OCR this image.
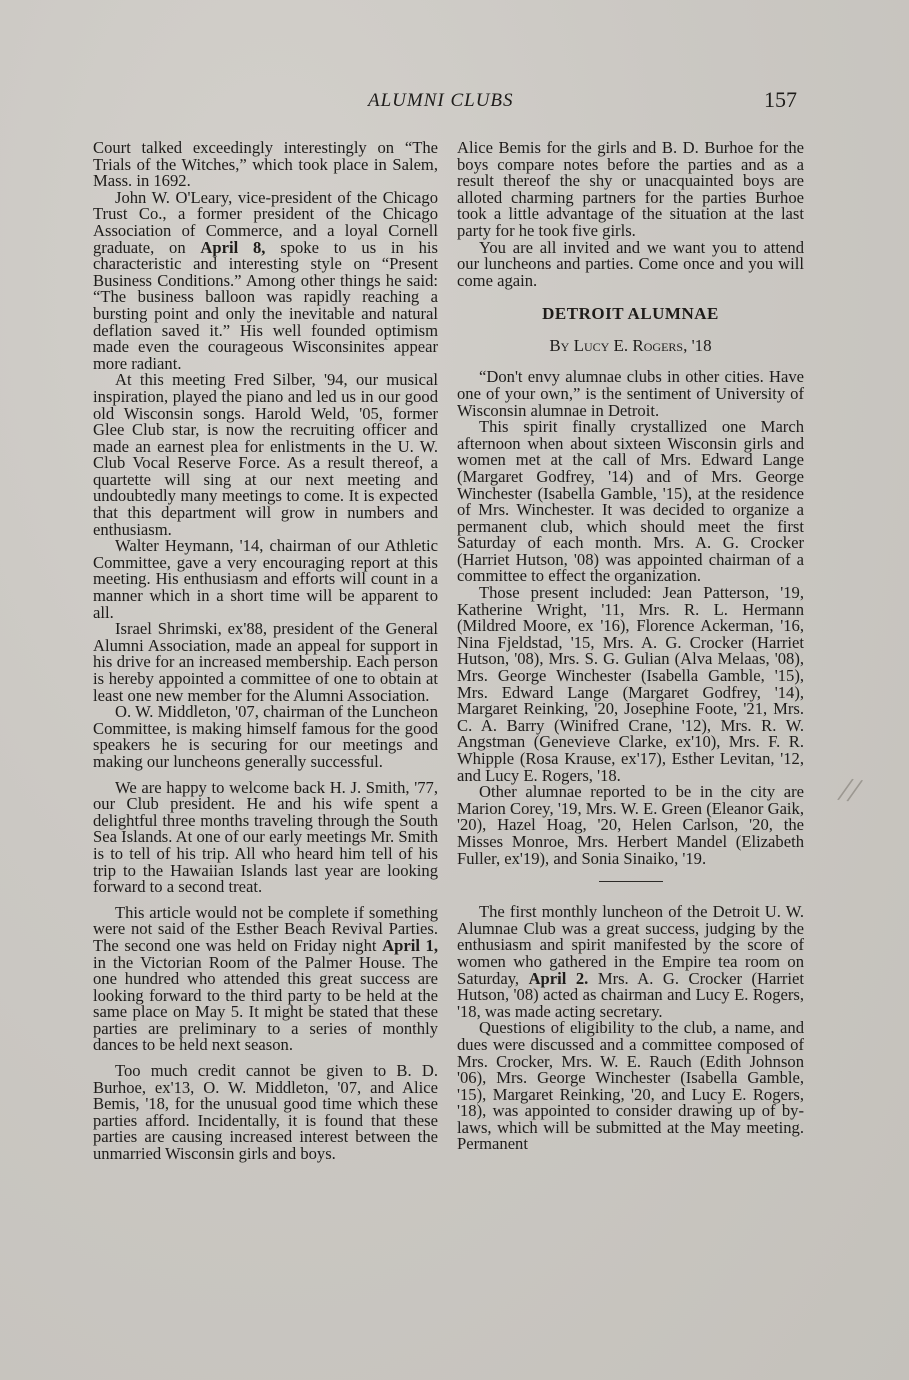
ALUMNI CLUBS	157

Court talked exceedingly interestingly on “The Trials of the Witches,” which took place in Salem, Mass. in 1692.

John W. O'Leary, vice-president of the Chicago Trust Co., a former president of the Chicago Association of Commerce, and a loyal Cornell graduate, on April 8, spoke to us in his characteristic and interesting style on “Present Business Conditions.” Among other things he said: “The business balloon was rapidly reaching a bursting point and only the inevitable and natural deflation saved it.” His well founded optimism made even the courageous Wisconsinites appear more radiant.

At this meeting Fred Silber, '94, our musical inspiration, played the piano and led us in our good old Wisconsin songs. Harold Weld, '05, former Glee Club star, is now the recruiting officer and made an earnest plea for enlistments in the U. W. Club Vocal Reserve Force. As a result thereof, a quartette will sing at our next meeting and undoubtedly many meetings to come. It is expected that this department will grow in numbers and enthusiasm.

Walter Heymann, '14, chairman of our Athletic Committee, gave a very encouraging report at this meeting. His enthusiasm and efforts will count in a manner which in a short time will be apparent to all.

Israel Shrimski, ex'88, president of the General Alumni Association, made an appeal for support in his drive for an increased membership. Each person is hereby appointed a committee of one to obtain at least one new member for the Alumni Association.

O. W. Middleton, '07, chairman of the Luncheon Committee, is making himself famous for the good speakers he is securing for our meetings and making our luncheons generally successful.

We are happy to welcome back H. J. Smith, '77, our Club president. He and his wife spent a delightful three months traveling through the South Sea Islands. At one of our early meetings Mr. Smith is to tell of his trip. All who heard him tell of his trip to the Hawaiian Islands last year are looking forward to a second treat.

This article would not be complete if something were not said of the Esther Beach Revival Parties. The second one was held on Friday night April 1, in the Victorian Room of the Palmer House. The one hundred who attended this great success are looking forward to the third party to be held at the same place on May 5. It might be stated that these parties are preliminary to a series of monthly dances to be held next season.

Too much credit cannot be given to B. D. Burhoe, ex'13, O. W. Middleton, '07, and Alice Bemis, '18, for the unusual good time which these parties afford. Incidentally, it is found that these parties are causing increased interest between the unmarried Wisconsin girls and boys.

Alice Bemis for the girls and B. D. Burhoe for the boys compare notes before the parties and as a result thereof the shy or unacquainted boys are alloted charming partners for the parties Burhoe took a little advantage of the situation at the last party for he took five girls.

You are all invited and we want you to attend our luncheons and parties. Come once and you will come again.

DETROIT ALUMNAE
By Lucy E. Rogers, '18

“Don't envy alumnae clubs in other cities. Have one of your own,” is the sentiment of University of Wisconsin alumnae in Detroit.

This spirit finally crystallized one March afternoon when about sixteen Wisconsin girls and women met at the call of Mrs. Edward Lange (Margaret Godfrey, '14) and of Mrs. George Winchester (Isabella Gamble, '15), at the residence of Mrs. Winchester. It was decided to organize a permanent club, which should meet the first Saturday of each month. Mrs. A. G. Crocker (Harriet Hutson, '08) was appointed chairman of a committee to effect the organization.

Those present included: Jean Patterson, '19, Katherine Wright, '11, Mrs. R. L. Hermann (Mildred Moore, ex '16), Florence Ackerman, '16, Nina Fjeldstad, '15, Mrs. A. G. Crocker (Harriet Hutson, '08), Mrs. S. G. Gulian (Alva Melaas, '08), Mrs. George Winchester (Isabella Gamble, '15), Mrs. Edward Lange (Margaret Godfrey, '14), Margaret Reinking, '20, Josephine Foote, '21, Mrs. C. A. Barry (Winifred Crane, '12), Mrs. R. W. Angstman (Genevieve Clarke, ex'10), Mrs. F. R. Whipple (Rosa Krause, ex'17), Esther Levitan, '12, and Lucy E. Rogers, '18.

Other alumnae reported to be in the city are Marion Corey, '19, Mrs. W. E. Green (Eleanor Gaik, '20), Hazel Hoag, '20, Helen Carlson, '20, the Misses Monroe, Mrs. Herbert Mandel (Elizabeth Fuller, ex'19), and Sonia Sinaiko, '19.

The first monthly luncheon of the Detroit U. W. Alumnae Club was a great success, judging by the enthusiasm and spirit manifested by the score of women who gathered in the Empire tea room on Saturday, April 2. Mrs. A. G. Crocker (Harriet Hutson, '08) acted as chairman and Lucy E. Rogers, '18, was made acting secretary.

Questions of eligibility to the club, a name, and dues were discussed and a committee composed of Mrs. Crocker, Mrs. W. E. Rauch (Edith Johnson '06), Mrs. George Winchester (Isabella Gamble, '15), Margaret Reinking, '20, and Lucy E. Rogers, '18), was appointed to consider drawing up of by-laws, which will be submitted at the May meeting. Permanent

//
